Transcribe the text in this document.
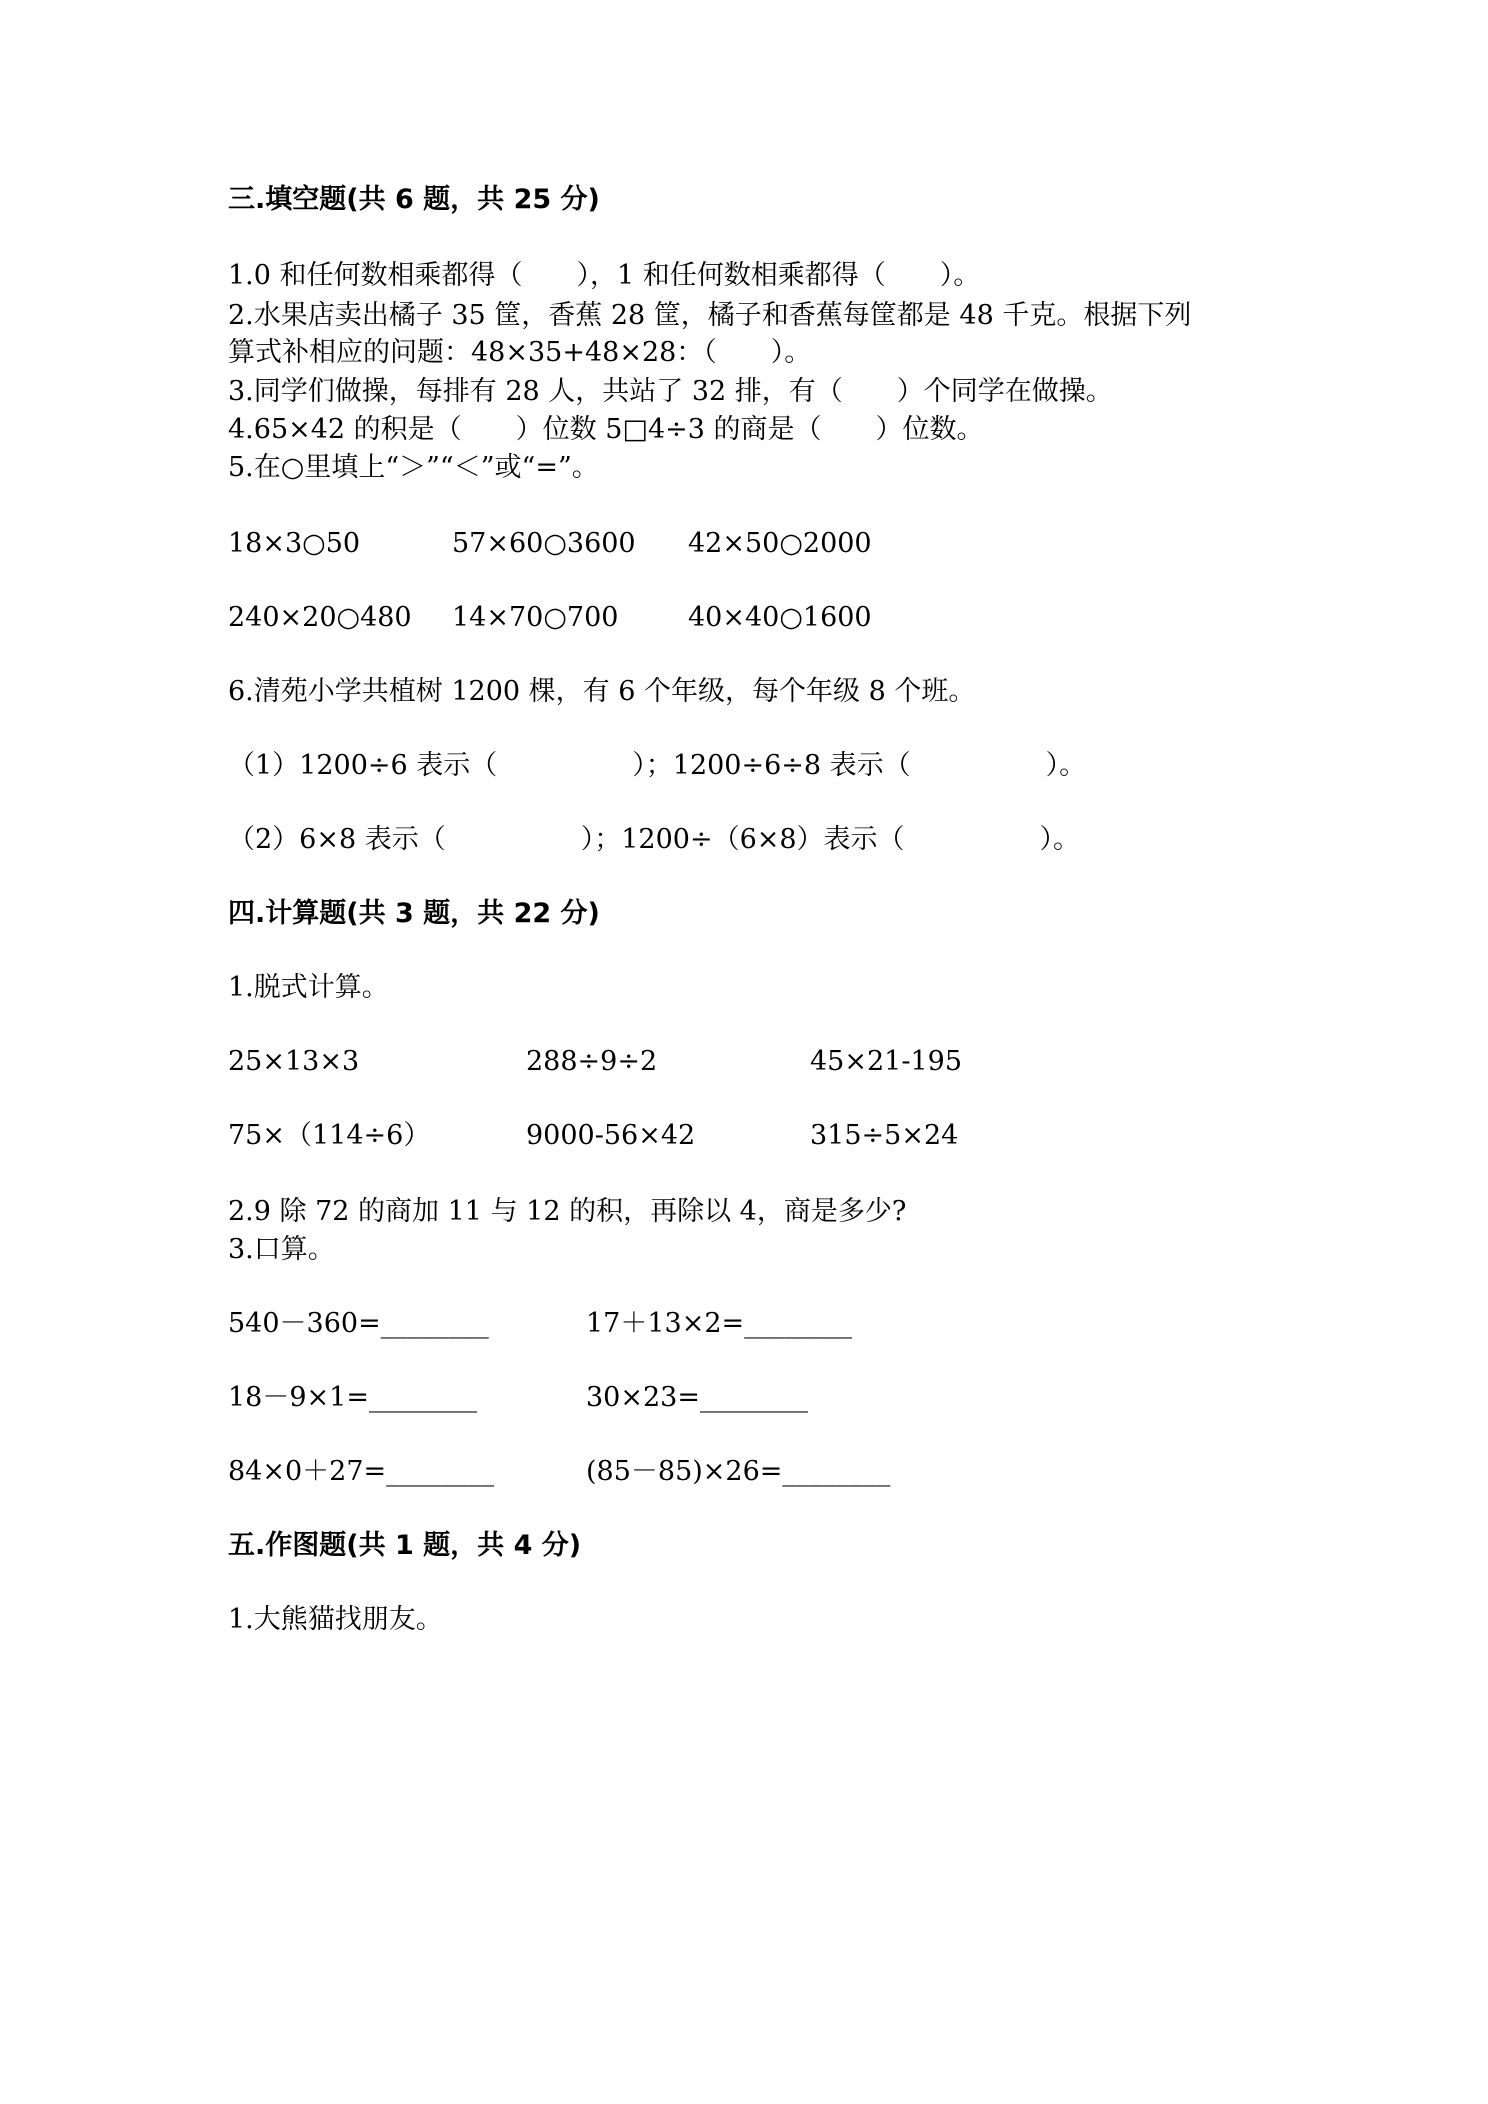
三.填空题(共 6 题，共 25 分)
1.0 和任何数相乘都得（　　），1 和任何数相乘都得（　　）。
2.水果店卖出橘子 35 筐，香蕉 28 筐，橘子和香蕉每筐都是 48 千克。根据下列
算式补相应的问题：48×35+48×28：（　　）。
3.同学们做操，每排有 28 人，共站了 32 排，有（　　）个同学在做操。
4.65×42 的积是（　　）位数 5□4÷3 的商是（　　）位数。
5.在○里填上“＞”“＜”或“=”。
18×3○50	57×60○3600 42×50○2000
240×20○480 14×70○700	40×40○1600
6.清苑小学共植树 1200 棵，有 6 个年级，每个年级 8 个班。
（1）1200÷6 表示（　　　　　）；1200÷6÷8 表示（　　　　　）。
（2）6×8 表示（　　　　　）；1200÷（6×8）表示（　　　　　）。
四.计算题(共 3 题，共 22 分)
1.脱式计算。
25×13×3	288÷9÷2	45×21-195
75×（114÷6）	9000-56×42	315÷5×24
2.9 除 72 的商加 11 与 12 的积，再除以 4，商是多少?
3.口算。
540－360=________	17＋13×2=________
18－9×1=________	30×23=________
84×0＋27=________	(85－85)×26=________
五.作图题(共 1 题，共 4 分)
1.大熊猫找朋友。
